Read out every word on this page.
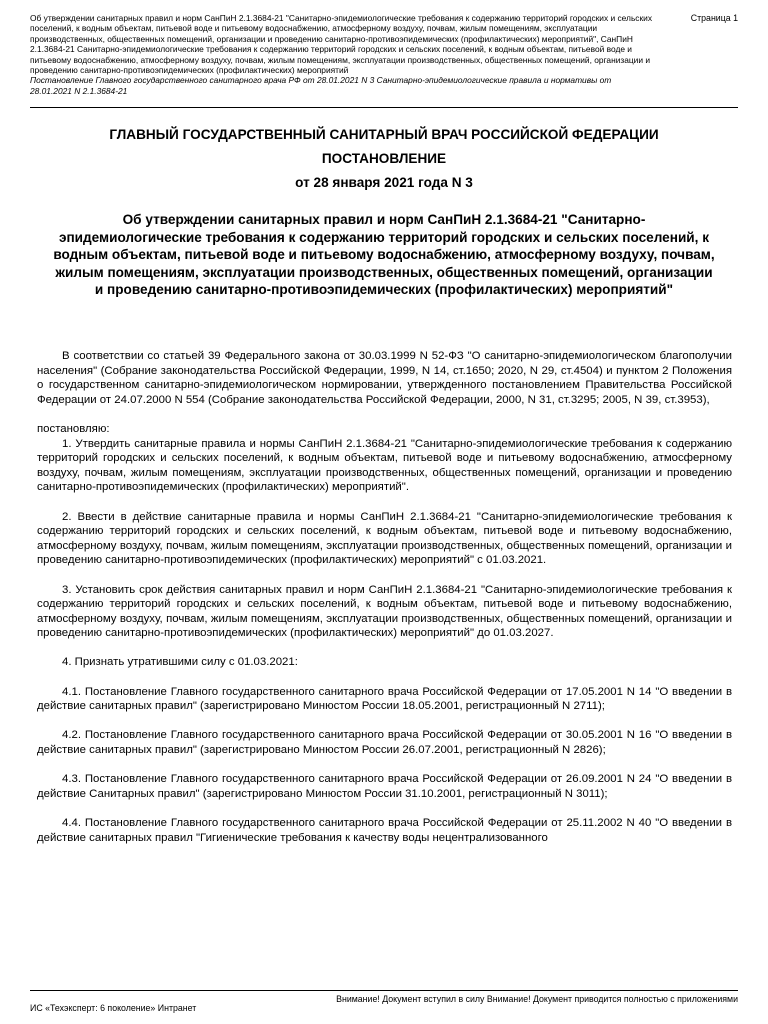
Об утверждении санитарных правил и норм СанПиН 2.1.3684-21 "Санитарно-эпидемиологические требования к содержанию территорий городских и сельских поселений, к водным объектам, питьевой воде и питьевому водоснабжению, атмосферному воздуху, почвам, жилым помещениям, эксплуатации производственных, общественных помещений, организации и проведению санитарно-противоэпидемических (профилактических) мероприятий", СанПиН 2.1.3684-21 Санитарно-эпидемиологические требования к содержанию территорий городских и сельских поселений, к водным объектам, питьевой воде и питьевому водоснабжению, атмосферному воздуху, почвам, жилым помещениям, эксплуатации производственных, общественных помещений, организации и проведению санитарно-противоэпидемических (профилактических) мероприятий
Постановление Главного государственного санитарного врача РФ от 28.01.2021 N 3 Санитарно-эпидемиологические правила и нормативы от 28.01.2021 N 2.1.3684-21
Страница 1
ГЛАВНЫЙ ГОСУДАРСТВЕННЫЙ САНИТАРНЫЙ ВРАЧ РОССИЙСКОЙ ФЕДЕРАЦИИ
ПОСТАНОВЛЕНИЕ
от 28 января 2021 года N 3
Об утверждении санитарных правил и норм СанПиН 2.1.3684-21 "Санитарно-эпидемиологические требования к содержанию территорий городских и сельских поселений, к водным объектам, питьевой воде и питьевому водоснабжению, атмосферному воздуху, почвам, жилым помещениям, эксплуатации производственных, общественных помещений, организации и проведению санитарно-противоэпидемических (профилактических) мероприятий"

В соответствии со статьей 39 Федерального закона от 30.03.1999 N 52-ФЗ "О санитарно-эпидемиологическом благополучии населения" (Собрание законодательства Российской Федерации, 1999, N 14, ст.1650; 2020, N 29, ст.4504) и пунктом 2 Положения о государственном санитарно-эпидемиологическом нормировании, утвержденного постановлением Правительства Российской Федерации от 24.07.2000 N 554 (Собрание законодательства Российской Федерации, 2000, N 31, ст.3295; 2005, N 39, ст.3953),

постановляю:

1. Утвердить санитарные правила и нормы СанПиН 2.1.3684-21 "Санитарно-эпидемиологические требования к содержанию территорий городских и сельских поселений, к водным объектам, питьевой воде и питьевому водоснабжению, атмосферному воздуху, почвам, жилым помещениям, эксплуатации производственных, общественных помещений, организации и проведению санитарно-противоэпидемических (профилактических) мероприятий".

2. Ввести в действие санитарные правила и нормы СанПиН 2.1.3684-21 "Санитарно-эпидемиологические требования к содержанию территорий городских и сельских поселений, к водным объектам, питьевой воде и питьевому водоснабжению, атмосферному воздуху, почвам, жилым помещениям, эксплуатации производственных, общественных помещений, организации и проведению санитарно-противоэпидемических (профилактических) мероприятий" с 01.03.2021.

3. Установить срок действия санитарных правил и норм СанПиН 2.1.3684-21 "Санитарно-эпидемиологические требования к содержанию территорий городских и сельских поселений, к водным объектам, питьевой воде и питьевому водоснабжению, атмосферному воздуху, почвам, жилым помещениям, эксплуатации производственных, общественных помещений, организации и проведению санитарно-противоэпидемических (профилактических) мероприятий" до 01.03.2027.

4. Признать утратившими силу с 01.03.2021:

4.1. Постановление Главного государственного санитарного врача Российской Федерации от 17.05.2001 N 14 "О введении в действие санитарных правил" (зарегистрировано Минюстом России 18.05.2001, регистрационный N 2711);

4.2. Постановление Главного государственного санитарного врача Российской Федерации от 30.05.2001 N 16 "О введении в действие санитарных правил" (зарегистрировано Минюстом России 26.07.2001, регистрационный N 2826);

4.3. Постановление Главного государственного санитарного врача Российской Федерации от 26.09.2001 N 24 "О введении в действие Санитарных правил" (зарегистрировано Минюстом России 31.10.2001, регистрационный N 3011);

4.4. Постановление Главного государственного санитарного врача Российской Федерации от 25.11.2002 N 40 "О введении в действие санитарных правил "Гигиенические требования к качеству воды нецентрализованного

Внимание! Документ вступил в силу Внимание! Документ приводится полностью с приложениями
ИС «Техэксперт: 6 поколение» Интранет
